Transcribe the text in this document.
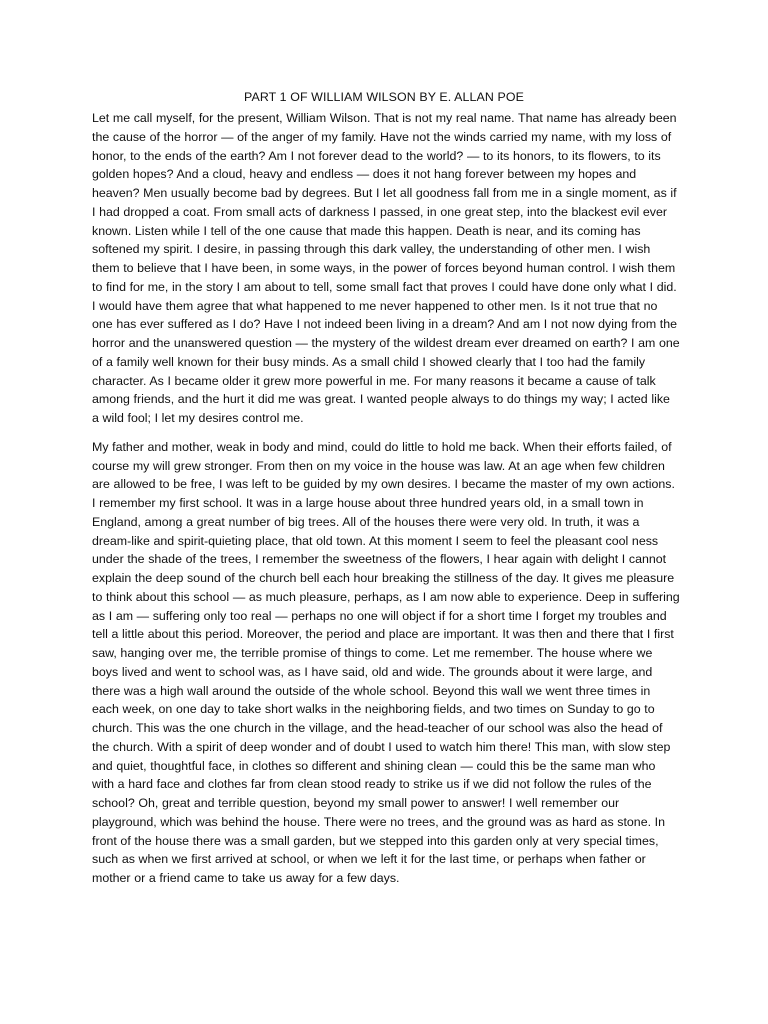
PART 1 OF WILLIAM WILSON BY E. ALLAN POE

Let me call myself, for the present, William Wilson. That is not my real name. That name has already been the cause of the horror — of the anger of my family. Have not the winds carried my name, with my loss of honor, to the ends of the earth? Am I not forever dead to the world? — to its honors, to its flowers, to its golden hopes? And a cloud, heavy and endless — does it not hang forever between my hopes and heaven? Men usually become bad by degrees. But I let all goodness fall from me in a single moment, as if I had dropped a coat. From small acts of darkness I passed, in one great step, into the blackest evil ever known. Listen while I tell of the one cause that made this happen. Death is near, and its coming has softened my spirit. I desire, in passing through this dark valley, the understanding of other men. I wish them to believe that I have been, in some ways, in the power of forces beyond human control. I wish them to find for me, in the story I am about to tell, some small fact that proves I could have done only what I did. I would have them agree that what happened to me never happened to other men. Is it not true that no one has ever suffered as I do? Have I not indeed been living in a dream? And am I not now dying from the horror and the unanswered question — the mystery of the wildest dream ever dreamed on earth? I am one of a family well known for their busy minds. As a small child I showed clearly that I too had the family character. As I became older it grew more powerful in me. For many reasons it became a cause of talk among friends, and the hurt it did me was great. I wanted people always to do things my way; I acted like a wild fool; I let my desires control me.

My father and mother, weak in body and mind, could do little to hold me back. When their efforts failed, of course my will grew stronger. From then on my voice in the house was law. At an age when few children are allowed to be free, I was left to be guided by my own desires. I became the master of my own actions. I remember my first school. It was in a large house about three hundred years old, in a small town in England, among a great number of big trees. All of the houses there were very old. In truth, it was a dream-like and spirit-quieting place, that old town. At this moment I seem to feel the pleasant cool ness under the shade of the trees, I remember the sweetness of the flowers, I hear again with delight I cannot explain the deep sound of the church bell each hour breaking the stillness of the day. It gives me pleasure to think about this school — as much pleasure, perhaps, as I am now able to experience. Deep in suffering as I am — suffering only too real — perhaps no one will object if for a short time I forget my troubles and tell a little about this period. Moreover, the period and place are important. It was then and there that I first saw, hanging over me, the terrible promise of things to come. Let me remember. The house where we boys lived and went to school was, as I have said, old and wide. The grounds about it were large, and there was a high wall around the outside of the whole school. Beyond this wall we went three times in each week, on one day to take short walks in the neighboring fields, and two times on Sunday to go to church. This was the one church in the village, and the head-teacher of our school was also the head of the church. With a spirit of deep wonder and of doubt I used to watch him there! This man, with slow step and quiet, thoughtful face, in clothes so different and shining clean — could this be the same man who with a hard face and clothes far from clean stood ready to strike us if we did not follow the rules of the school? Oh, great and terrible question, beyond my small power to answer! I well remember our playground, which was behind the house. There were no trees, and the ground was as hard as stone. In front of the house there was a small garden, but we stepped into this garden only at very special times, such as when we first arrived at school, or when we left it for the last time, or perhaps when father or mother or a friend came to take us away for a few days.
